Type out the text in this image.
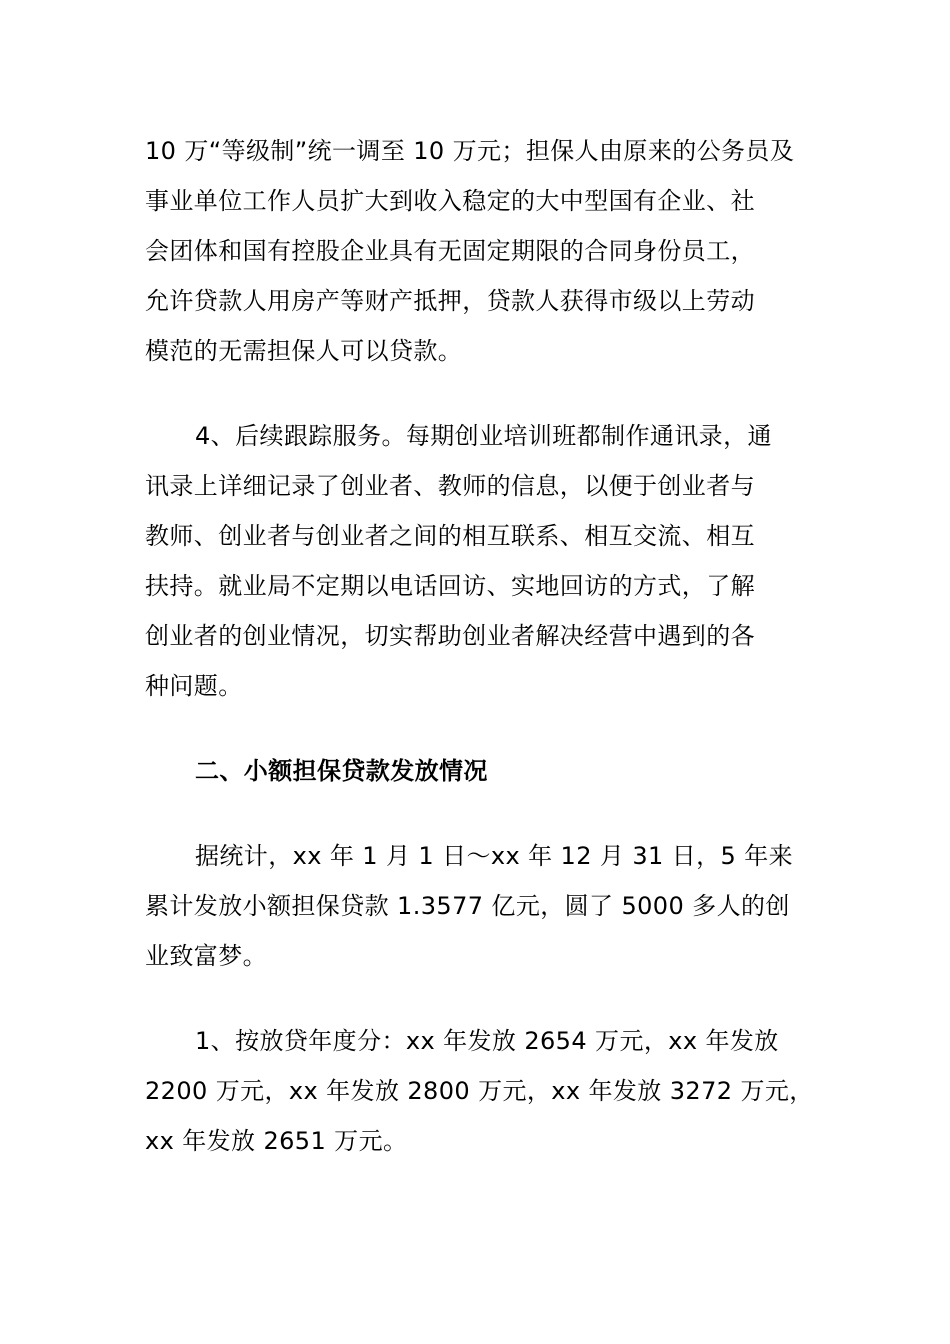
10 万“等级制”统一调至 10 万元；担保人由原来的公务员及
事业单位工作人员扩大到收入稳定的大中型国有企业、社
会团体和国有控股企业具有无固定期限的合同身份员工，
允许贷款人用房产等财产抵押，贷款人获得市级以上劳动
模范的无需担保人可以贷款。
4、后续跟踪服务。每期创业培训班都制作通讯录，通
讯录上详细记录了创业者、教师的信息，以便于创业者与
教师、创业者与创业者之间的相互联系、相互交流、相互
扶持。就业局不定期以电话回访、实地回访的方式，了解
创业者的创业情况，切实帮助创业者解决经营中遇到的各
种问题。
二、小额担保贷款发放情况
据统计，xx 年 1 月 1 日～xx 年 12 月 31 日，5 年来
累计发放小额担保贷款 1.3577 亿元，圆了 5000 多人的创
业致富梦。
1、按放贷年度分：xx 年发放 2654 万元，xx 年发放
2200 万元，xx 年发放 2800 万元，xx 年发放 3272 万元，
xx 年发放 2651 万元。
